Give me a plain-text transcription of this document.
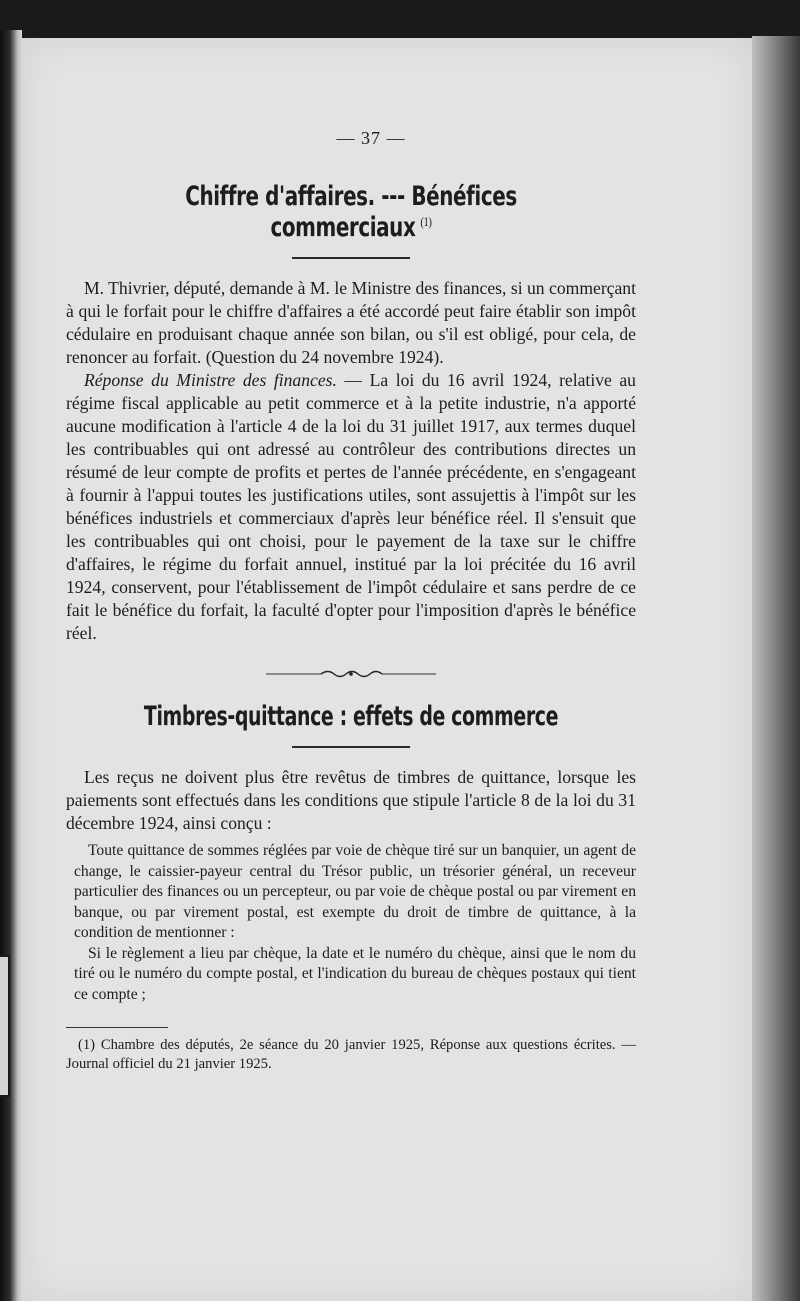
— 37 —
Chiffre d'affaires. --- Bénéfices commerciaux $^{(1)}$

M. Thivrier, député, demande à M. le Ministre des finances, si un commerçant à qui le forfait pour le chiffre d'affaires a été accordé peut faire établir son impôt cédulaire en produisant chaque année son bilan, ou s'il est obligé, pour cela, de renoncer au forfait. (Question du 24 novembre 1924).

Réponse du Ministre des finances. — La loi du 16 avril 1924, relative au régime fiscal applicable au petit commerce et à la petite industrie, n'a apporté aucune modification à l'article 4 de la loi du 31 juillet 1917, aux termes duquel les contribuables qui ont adressé au contrôleur des contributions directes un résumé de leur compte de profits et pertes de l'année précédente, en s'engageant à fournir à l'appui toutes les justifications utiles, sont assujettis à l'impôt sur les bénéfices industriels et commerciaux d'après leur bénéfice réel. Il s'ensuit que les contribuables qui ont choisi, pour le payement de la taxe sur le chiffre d'affaires, le régime du forfait annuel, institué par la loi précitée du 16 avril 1924, conservent, pour l'établissement de l'impôt cédulaire et sans perdre de ce fait le bénéfice du forfait, la faculté d'opter pour l'imposition d'après le bénéfice réel.

Timbres-quittance : effets de commerce

Les reçus ne doivent plus être revêtus de timbres de quittance, lorsque les paiements sont effectués dans les conditions que stipule l'article 8 de la loi du 31 décembre 1924, ainsi conçu :

Toute quittance de sommes réglées par voie de chèque tiré sur un banquier, un agent de change, le caissier-payeur central du Trésor public, un trésorier général, un receveur particulier des finances ou un percepteur, ou par voie de chèque postal ou par virement en banque, ou par virement postal, est exempte du droit de timbre de quittance, à la condition de mentionner :

Si le règlement a lieu par chèque, la date et le numéro du chèque, ainsi que le nom du tiré ou le numéro du compte postal, et l'indication du bureau de chèques postaux qui tient ce compte ;

(1) Chambre des députés, 2e séance du 20 janvier 1925, Réponse aux questions écrites. — Journal officiel du 21 janvier 1925.
